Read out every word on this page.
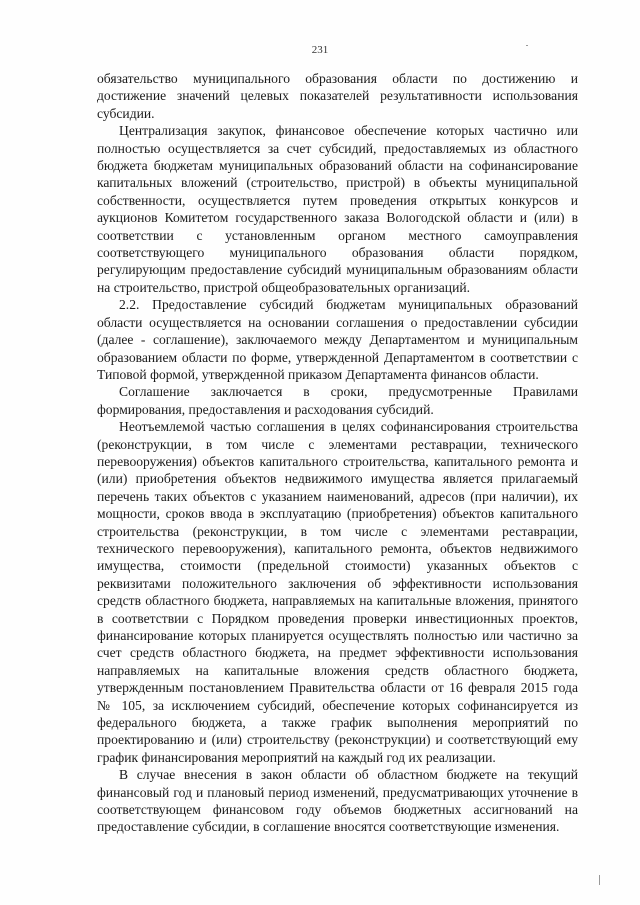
231

обязательство муниципального образования области по достижению и достижение значений целевых показателей результативности использования субсидии.

Централизация закупок, финансовое обеспечение которых частично или полностью осуществляется за счет субсидий, предоставляемых из областного бюджета бюджетам муниципальных образований области на софинансирование капитальных вложений (строительство, пристрой) в объекты муниципальной собственности, осуществляется путем проведения открытых конкурсов и аукционов Комитетом государственного заказа Вологодской области и (или) в соответствии с установленным органом местного самоуправления соответствующего муниципального образования области порядком, регулирующим предоставление субсидий муниципальным образованиям области на строительство, пристрой общеобразовательных организаций.

2.2. Предоставление субсидий бюджетам муниципальных образований области осуществляется на основании соглашения о предоставлении субсидии (далее - соглашение), заключаемого между Департаментом и муниципальным образованием области по форме, утвержденной Департаментом в соответствии с Типовой формой, утвержденной приказом Департамента финансов области.

Соглашение заключается в сроки, предусмотренные Правилами формирования, предоставления и расходования субсидий.

Неотъемлемой частью соглашения в целях софинансирования строительства (реконструкции, в том числе с элементами реставрации, технического перевооружения) объектов капитального строительства, капитального ремонта и (или) приобретения объектов недвижимого имущества является прилагаемый перечень таких объектов с указанием наименований, адресов (при наличии), их мощности, сроков ввода в эксплуатацию (приобретения) объектов капитального строительства (реконструкции, в том числе с элементами реставрации, технического перевооружения), капитального ремонта, объектов недвижимого имущества, стоимости (предельной стоимости) указанных объектов с реквизитами положительного заключения об эффективности использования средств областного бюджета, направляемых на капитальные вложения, принятого в соответствии с Порядком проведения проверки инвестиционных проектов, финансирование которых планируется осуществлять полностью или частично за счет средств областного бюджета, на предмет эффективности использования направляемых на капитальные вложения средств областного бюджета, утвержденным постановлением Правительства области от 16 февраля 2015 года № 105, за исключением субсидий, обеспечение которых софинансируется из федерального бюджета, а также график выполнения мероприятий по проектированию и (или) строительству (реконструкции) и соответствующий ему график финансирования мероприятий на каждый год их реализации.

В случае внесения в закон области об областном бюджете на текущий финансовый год и плановый период изменений, предусматривающих уточнение в соответствующем финансовом году объемов бюджетных ассигнований на предоставление субсидии, в соглашение вносятся соответствующие изменения.
